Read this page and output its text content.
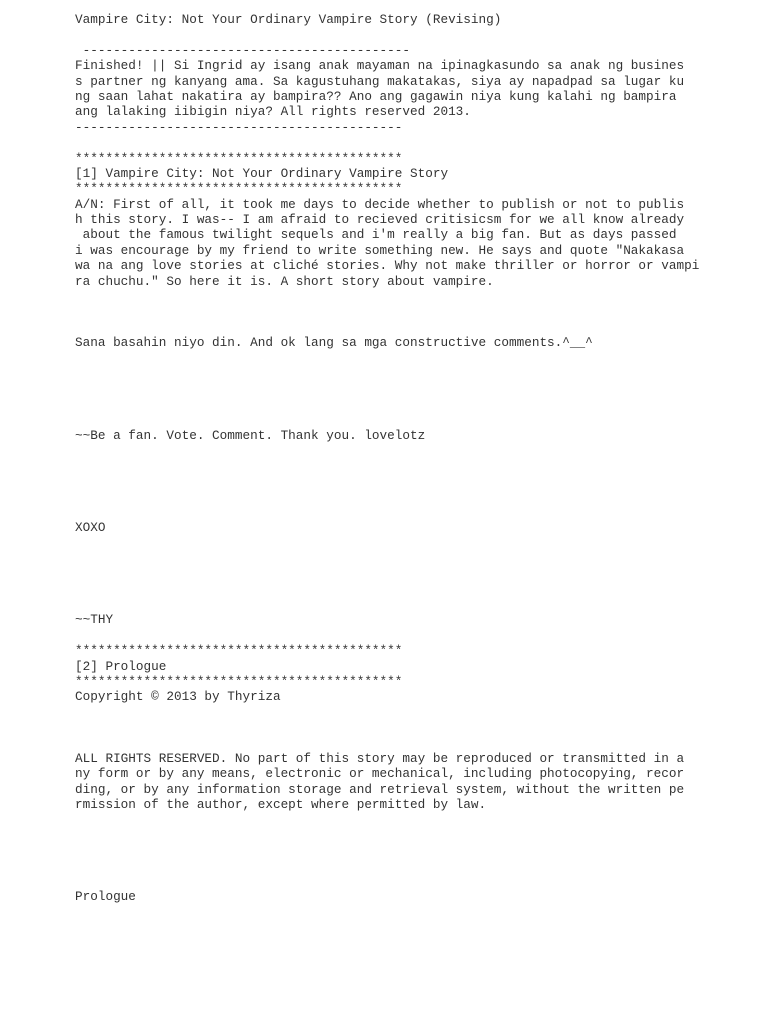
Vampire City: Not Your Ordinary Vampire Story (Revising)
-------------------------------------------
Finished! || Si Ingrid ay isang anak mayaman na ipinagkasundo sa anak ng busines
s partner ng kanyang ama. Sa kagustuhang makatakas, siya ay napadpad sa lugar ku
ng saan lahat nakatira ay bampira?? Ano ang gagawin niya kung kalahi ng bampira
ang lalaking iibigin niya? All rights reserved 2013.
-------------------------------------------
*******************************************
[1] Vampire City: Not Your Ordinary Vampire Story
*******************************************
A/N: First of all, it took me days to decide whether to publish or not to publis
h this story. I was-- I am afraid to recieved critisicsm for we all know already
about the famous twilight sequels and i'm really a big fan. But as days passed
i was encourage by my friend to write something new. He says and quote "Nakakasa
wa na ang love stories at cliché stories. Why not make thriller or horror or vampi
ra chuchu." So here it is. A short story about vampire.
Sana basahin niyo din. And ok lang sa mga constructive comments.^__^
~~Be a fan. Vote. Comment. Thank you. lovelotz
XOXO
~~THY
*******************************************
[2] Prologue
*******************************************
Copyright © 2013 by Thyriza
ALL RIGHTS RESERVED. No part of this story may be reproduced or transmitted in a
ny form or by any means, electronic or mechanical, including photocopying, recor
ding, or by any information storage and retrieval system, without the written pe
rmission of the author, except where permitted by law.
Prologue
